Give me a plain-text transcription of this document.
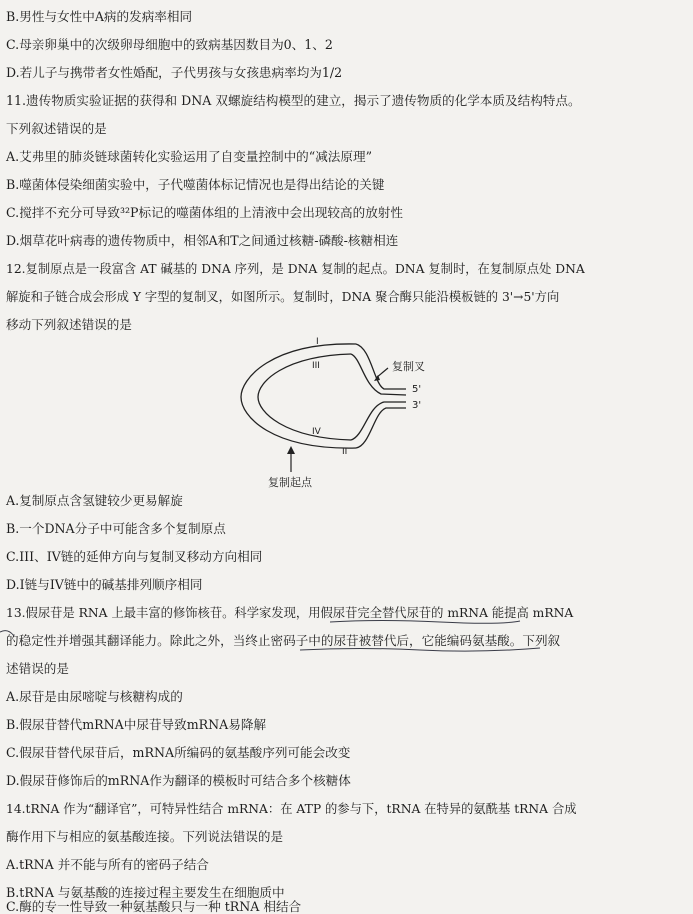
B.男性与女性中A病的发病率相同
C.母亲卵巢中的次级卵母细胞中的致病基因数目为0、1、2
D.若儿子与携带者女性婚配，子代男孩与女孩患病率均为1/2
11.遗传物质实验证据的获得和 DNA 双螺旋结构模型的建立，揭示了遗传物质的化学本质及结构特点。
下列叙述错误的是
A.艾弗里的肺炎链球菌转化实验运用了自变量控制中的“减法原理”
B.噬菌体侵染细菌实验中，子代噬菌体标记情况也是得出结论的关键
C.搅拌不充分可导致³²P标记的噬菌体组的上清液中会出现较高的放射性
D.烟草花叶病毒的遗传物质中，相邻A和T之间通过核糖-磷酸-核糖相连
12.复制原点是一段富含 AT 碱基的 DNA 序列，是 DNA 复制的起点。DNA 复制时，在复制原点处 DNA
解旋和子链合成会形成 Y 字型的复制叉，如图所示。复制时，DNA 聚合酶只能沿模板链的 3'→5'方向
移动下列叙述错误的是
I
III
IV
II
复制叉
5'
3'
复制起点
A.复制原点含氢键较少更易解旋
B.一个DNA分子中可能含多个复制原点
C.III、IV链的延伸方向与复制叉移动方向相同
D.I链与IV链中的碱基排列顺序相同
13.假尿苷是 RNA 上最丰富的修饰核苷。科学家发现，用假尿苷完全替代尿苷的 mRNA 能提高 mRNA
的稳定性并增强其翻译能力。除此之外，当终止密码子中的尿苷被替代后，它能编码氨基酸。下列叙
述错误的是
A.尿苷是由尿嘧啶与核糖构成的
B.假尿苷替代mRNA中尿苷导致mRNA易降解
C.假尿苷替代尿苷后，mRNA所编码的氨基酸序列可能会改变
D.假尿苷修饰后的mRNA作为翻译的模板时可结合多个核糖体
14.tRNA 作为“翻译官”，可特异性结合 mRNA：在 ATP 的参与下，tRNA 在特异的氨酰基 tRNA 合成
酶作用下与相应的氨基酸连接。下列说法错误的是
A.tRNA 并不能与所有的密码子结合
B.tRNA 与氨基酸的连接过程主要发生在细胞质中
C.酶的专一性导致一种氨基酸只与一种 tRNA 相结合
